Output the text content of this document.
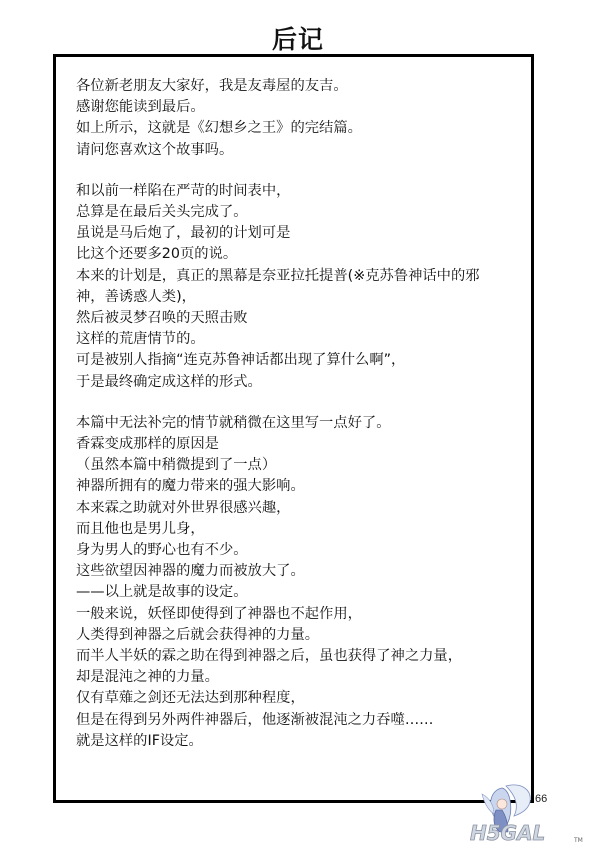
后记
各位新老朋友大家好，我是友毒屋的友吉。
感谢您能读到最后。
如上所示，这就是《幻想乡之王》的完结篇。
请问您喜欢这个故事吗。
和以前一样陷在严苛的时间表中，
总算是在最后关头完成了。
虽说是马后炮了，最初的计划可是
比这个还要多20页的说。
本来的计划是，真正的黑幕是奈亚拉托提普(※克苏鲁神话中的邪
神，善诱惑人类)，
然后被灵梦召唤的天照击败
这样的荒唐情节的。
可是被别人指摘“连克苏鲁神话都出现了算什么啊”，
于是最终确定成这样的形式。
本篇中无法补完的情节就稍微在这里写一点好了。
香霖变成那样的原因是
（虽然本篇中稍微提到了一点）
神器所拥有的魔力带来的强大影响。
本来霖之助就对外世界很感兴趣，
而且他也是男儿身，
身为男人的野心也有不少。
这些欲望因神器的魔力而被放大了。
——以上就是故事的设定。
一般来说，妖怪即使得到了神器也不起作用，
人类得到神器之后就会获得神的力量。
而半人半妖的霖之助在得到神器之后，虽也获得了神之力量，
却是混沌之神的力量。
仅有草薙之剑还无法达到那种程度，
但是在得到另外两件神器后，他逐渐被混沌之力吞噬……
就是这样的IF设定。
66
H5GAL	TM
